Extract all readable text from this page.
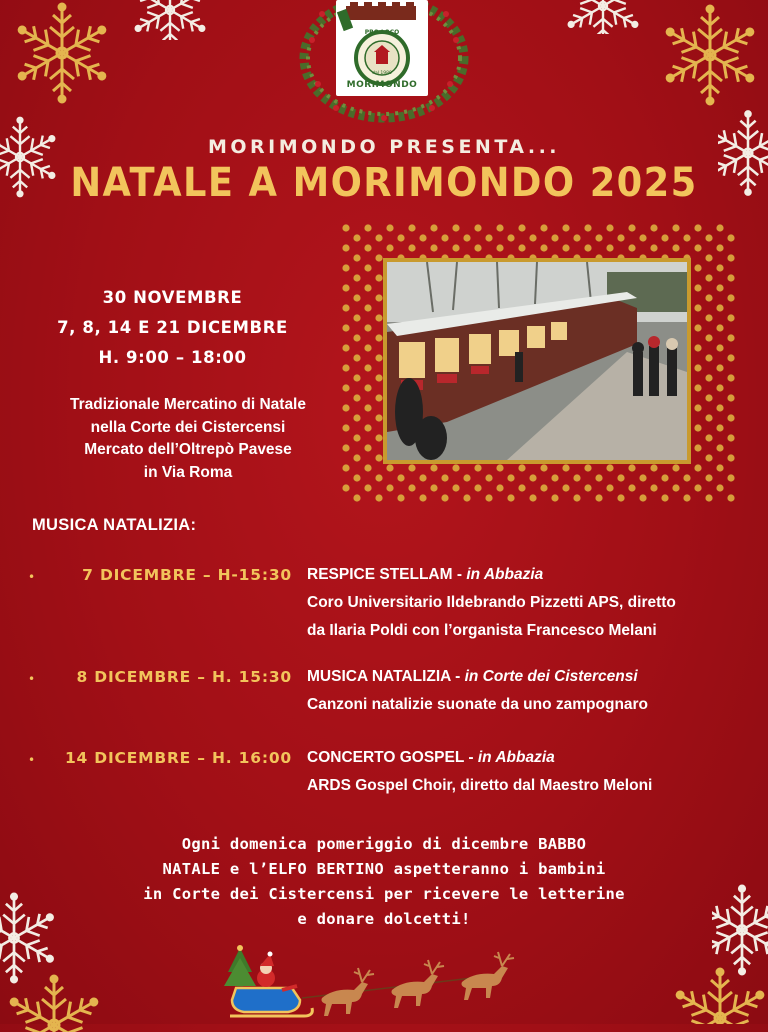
PRO LOCO
dal 1980
MORIMONDO
MORIMONDO PRESENTA...
NATALE A MORIMONDO 2025
30 NOVEMBRE
7, 8, 14 E 21 DICEMBRE
H. 9:00 – 18:00
Tradizionale Mercatino di Natale
nella Corte dei Cistercensi
Mercato dell’Oltrepò Pavese
in Via Roma
MUSICA NATALIZIA:
•	7 DICEMBRE – H-15:30 RESPICE STELLAM - in Abbazia
Coro Universitario Ildebrando Pizzetti APS, diretto
da Ilaria Poldi con l’organista Francesco Melani
•	8 DICEMBRE – H. 15:30 MUSICA NATALIZIA - in Corte dei Cistercensi
Canzoni natalizie suonate da uno zampognaro
• 14 DICEMBRE – H. 16:00 CONCERTO GOSPEL - in Abbazia
ARDS Gospel Choir, diretto dal Maestro Meloni
Ogni domenica pomeriggio di dicembre BABBO
NATALE e l’ELFO BERTINO aspetteranno i bambini
in Corte dei Cistercensi per ricevere le letterine
e donare dolcetti!
